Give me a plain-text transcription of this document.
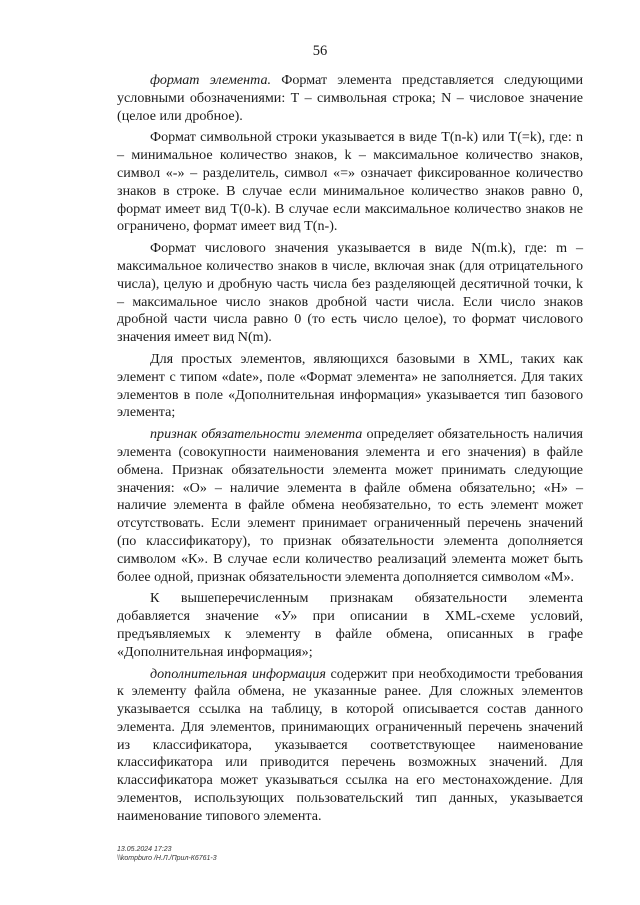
56

формат элемента. Формат элемента представляется следующими условными обозначениями: Т – символьная строка; N – числовое значение (целое или дробное).

Формат символьной строки указывается в виде T(n-k) или T(=k), где: n – минимальное количество знаков, k – максимальное количество знаков, символ «-» – разделитель, символ «=» означает фиксированное количество знаков в строке. В случае если минимальное количество знаков равно 0, формат имеет вид T(0-k). В случае если максимальное количество знаков не ограничено, формат имеет вид T(n-).

Формат числового значения указывается в виде N(m.k), где: m – максимальное количество знаков в числе, включая знак (для отрицательного числа), целую и дробную часть числа без разделяющей десятичной точки, k – максимальное число знаков дробной части числа. Если число знаков дробной части числа равно 0 (то есть число целое), то формат числового значения имеет вид N(m).

Для простых элементов, являющихся базовыми в XML, таких как элемент с типом «date», поле «Формат элемента» не заполняется. Для таких элементов в поле «Дополнительная информация» указывается тип базового элемента;

признак обязательности элемента определяет обязательность наличия элемента (совокупности наименования элемента и его значения) в файле обмена. Признак обязательности элемента может принимать следующие значения: «О» – наличие элемента в файле обмена обязательно; «Н» – наличие элемента в файле обмена необязательно, то есть элемент может отсутствовать. Если элемент принимает ограниченный перечень значений (по классификатору), то признак обязательности элемента дополняется символом «К». В случае если количество реализаций элемента может быть более одной, признак обязательности элемента дополняется символом «М».

К вышеперечисленным признакам обязательности элемента добавляется значение «У» при описании в XML-схеме условий, предъявляемых к элементу в файле обмена, описанных в графе «Дополнительная информация»;

дополнительная информация содержит при необходимости требования к элементу файла обмена, не указанные ранее. Для сложных элементов указывается ссылка на таблицу, в которой описывается состав данного элемента. Для элементов, принимающих ограниченный перечень значений из классификатора, указывается соответствующее наименование классификатора или приводится перечень возможных значений. Для классификатора может указываться ссылка на его местонахождение. Для элементов, использующих пользовательский тип данных, указывается наименование типового элемента.

13.05.2024 17:23
\\kompburo /Н.Л./Прил-К6761-3
